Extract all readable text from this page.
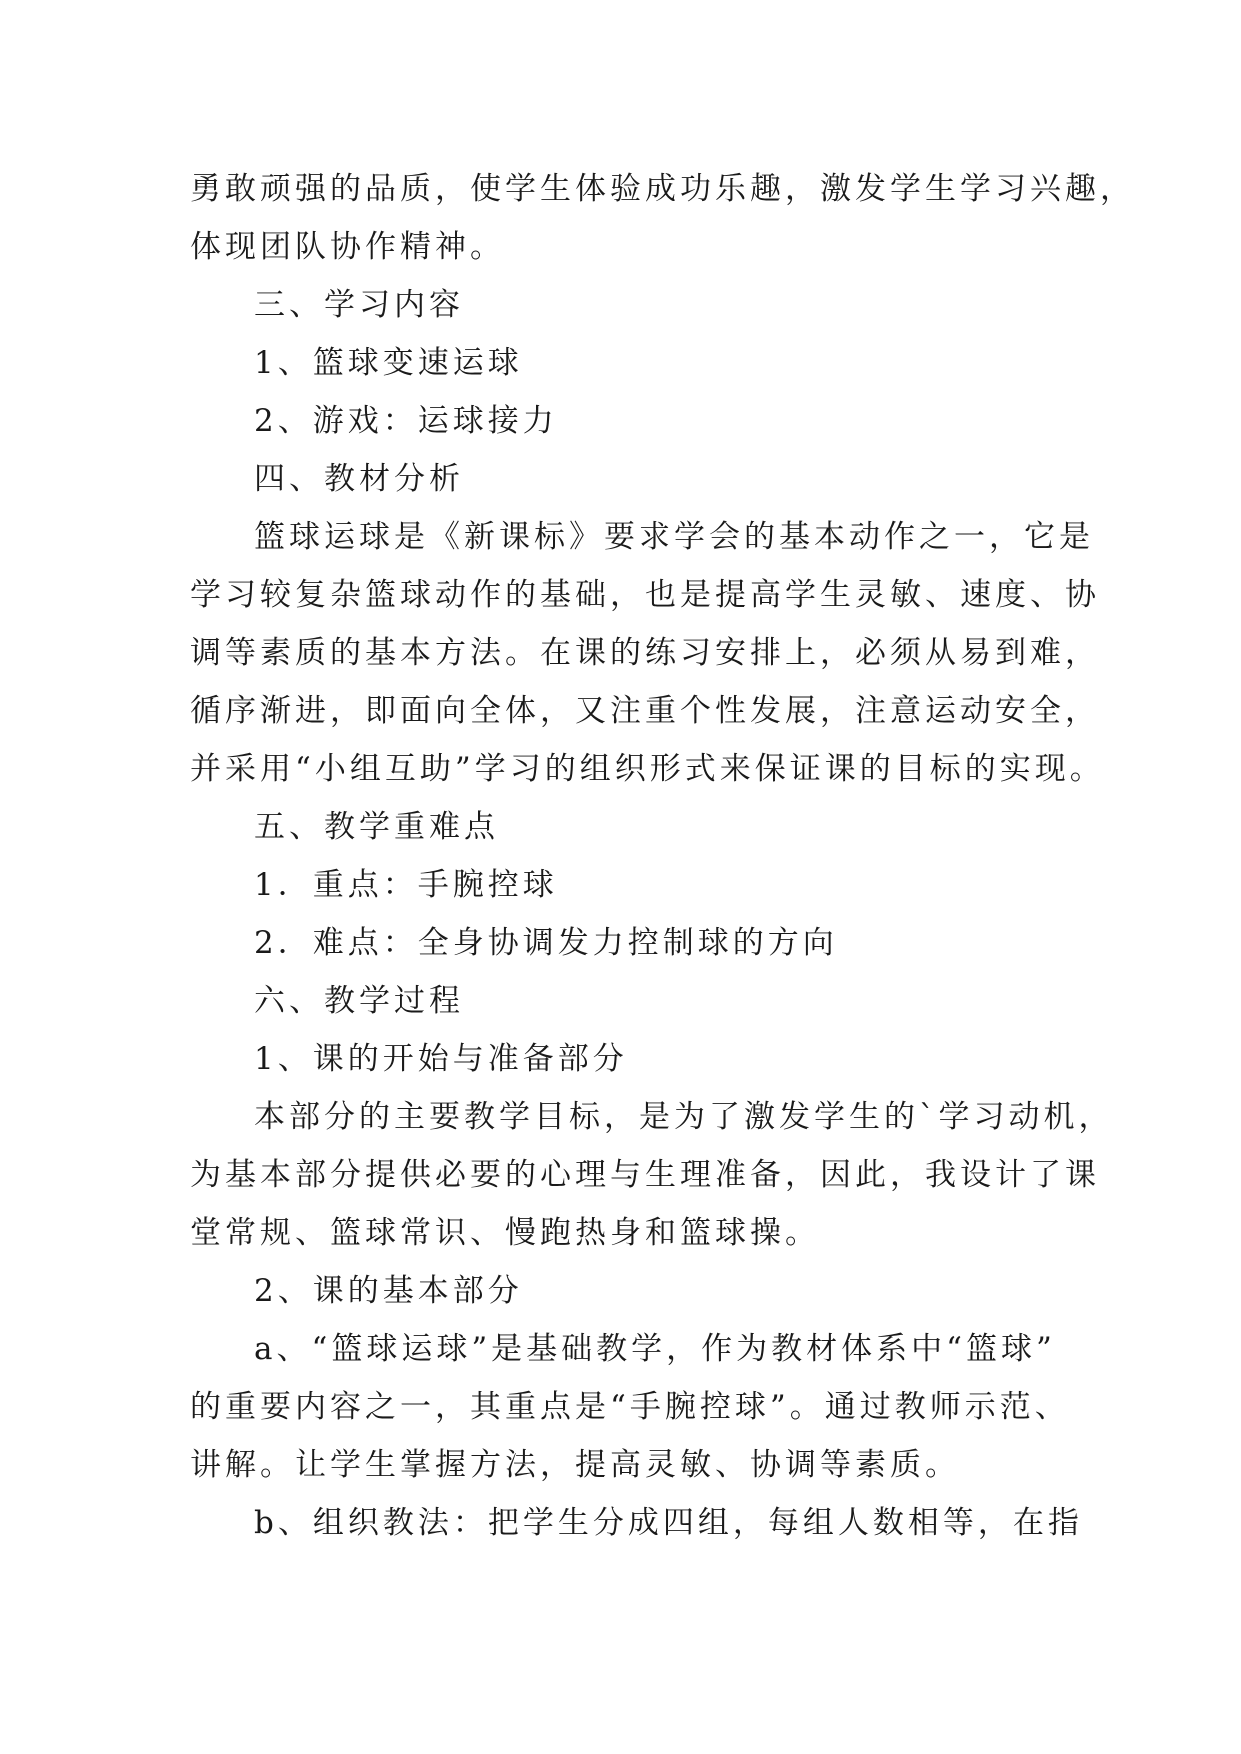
勇敢顽强的品质，使学生体验成功乐趣，激发学生学习兴趣，
体现团队协作精神。
三、学习内容
1、篮球变速运球
2、游戏：运球接力
四、教材分析
篮球运球是《新课标》要求学会的基本动作之一，它是
学习较复杂篮球动作的基础，也是提高学生灵敏、速度、协
调等素质的基本方法。在课的练习安排上，必须从易到难，
循序渐进，即面向全体，又注重个性发展，注意运动安全，
并采用“小组互助”学习的组织形式来保证课的目标的实现。
五、教学重难点
1．重点：手腕控球
2．难点：全身协调发力控制球的方向
六、教学过程
1、课的开始与准备部分
本部分的主要教学目标，是为了激发学生的`学习动机，
为基本部分提供必要的心理与生理准备，因此，我设计了课
堂常规、篮球常识、慢跑热身和篮球操。
2、课的基本部分
a、“篮球运球”是基础教学，作为教材体系中“篮球”
的重要内容之一，其重点是“手腕控球”。通过教师示范、
讲解。让学生掌握方法，提高灵敏、协调等素质。
b、组织教法：把学生分成四组，每组人数相等，在指
